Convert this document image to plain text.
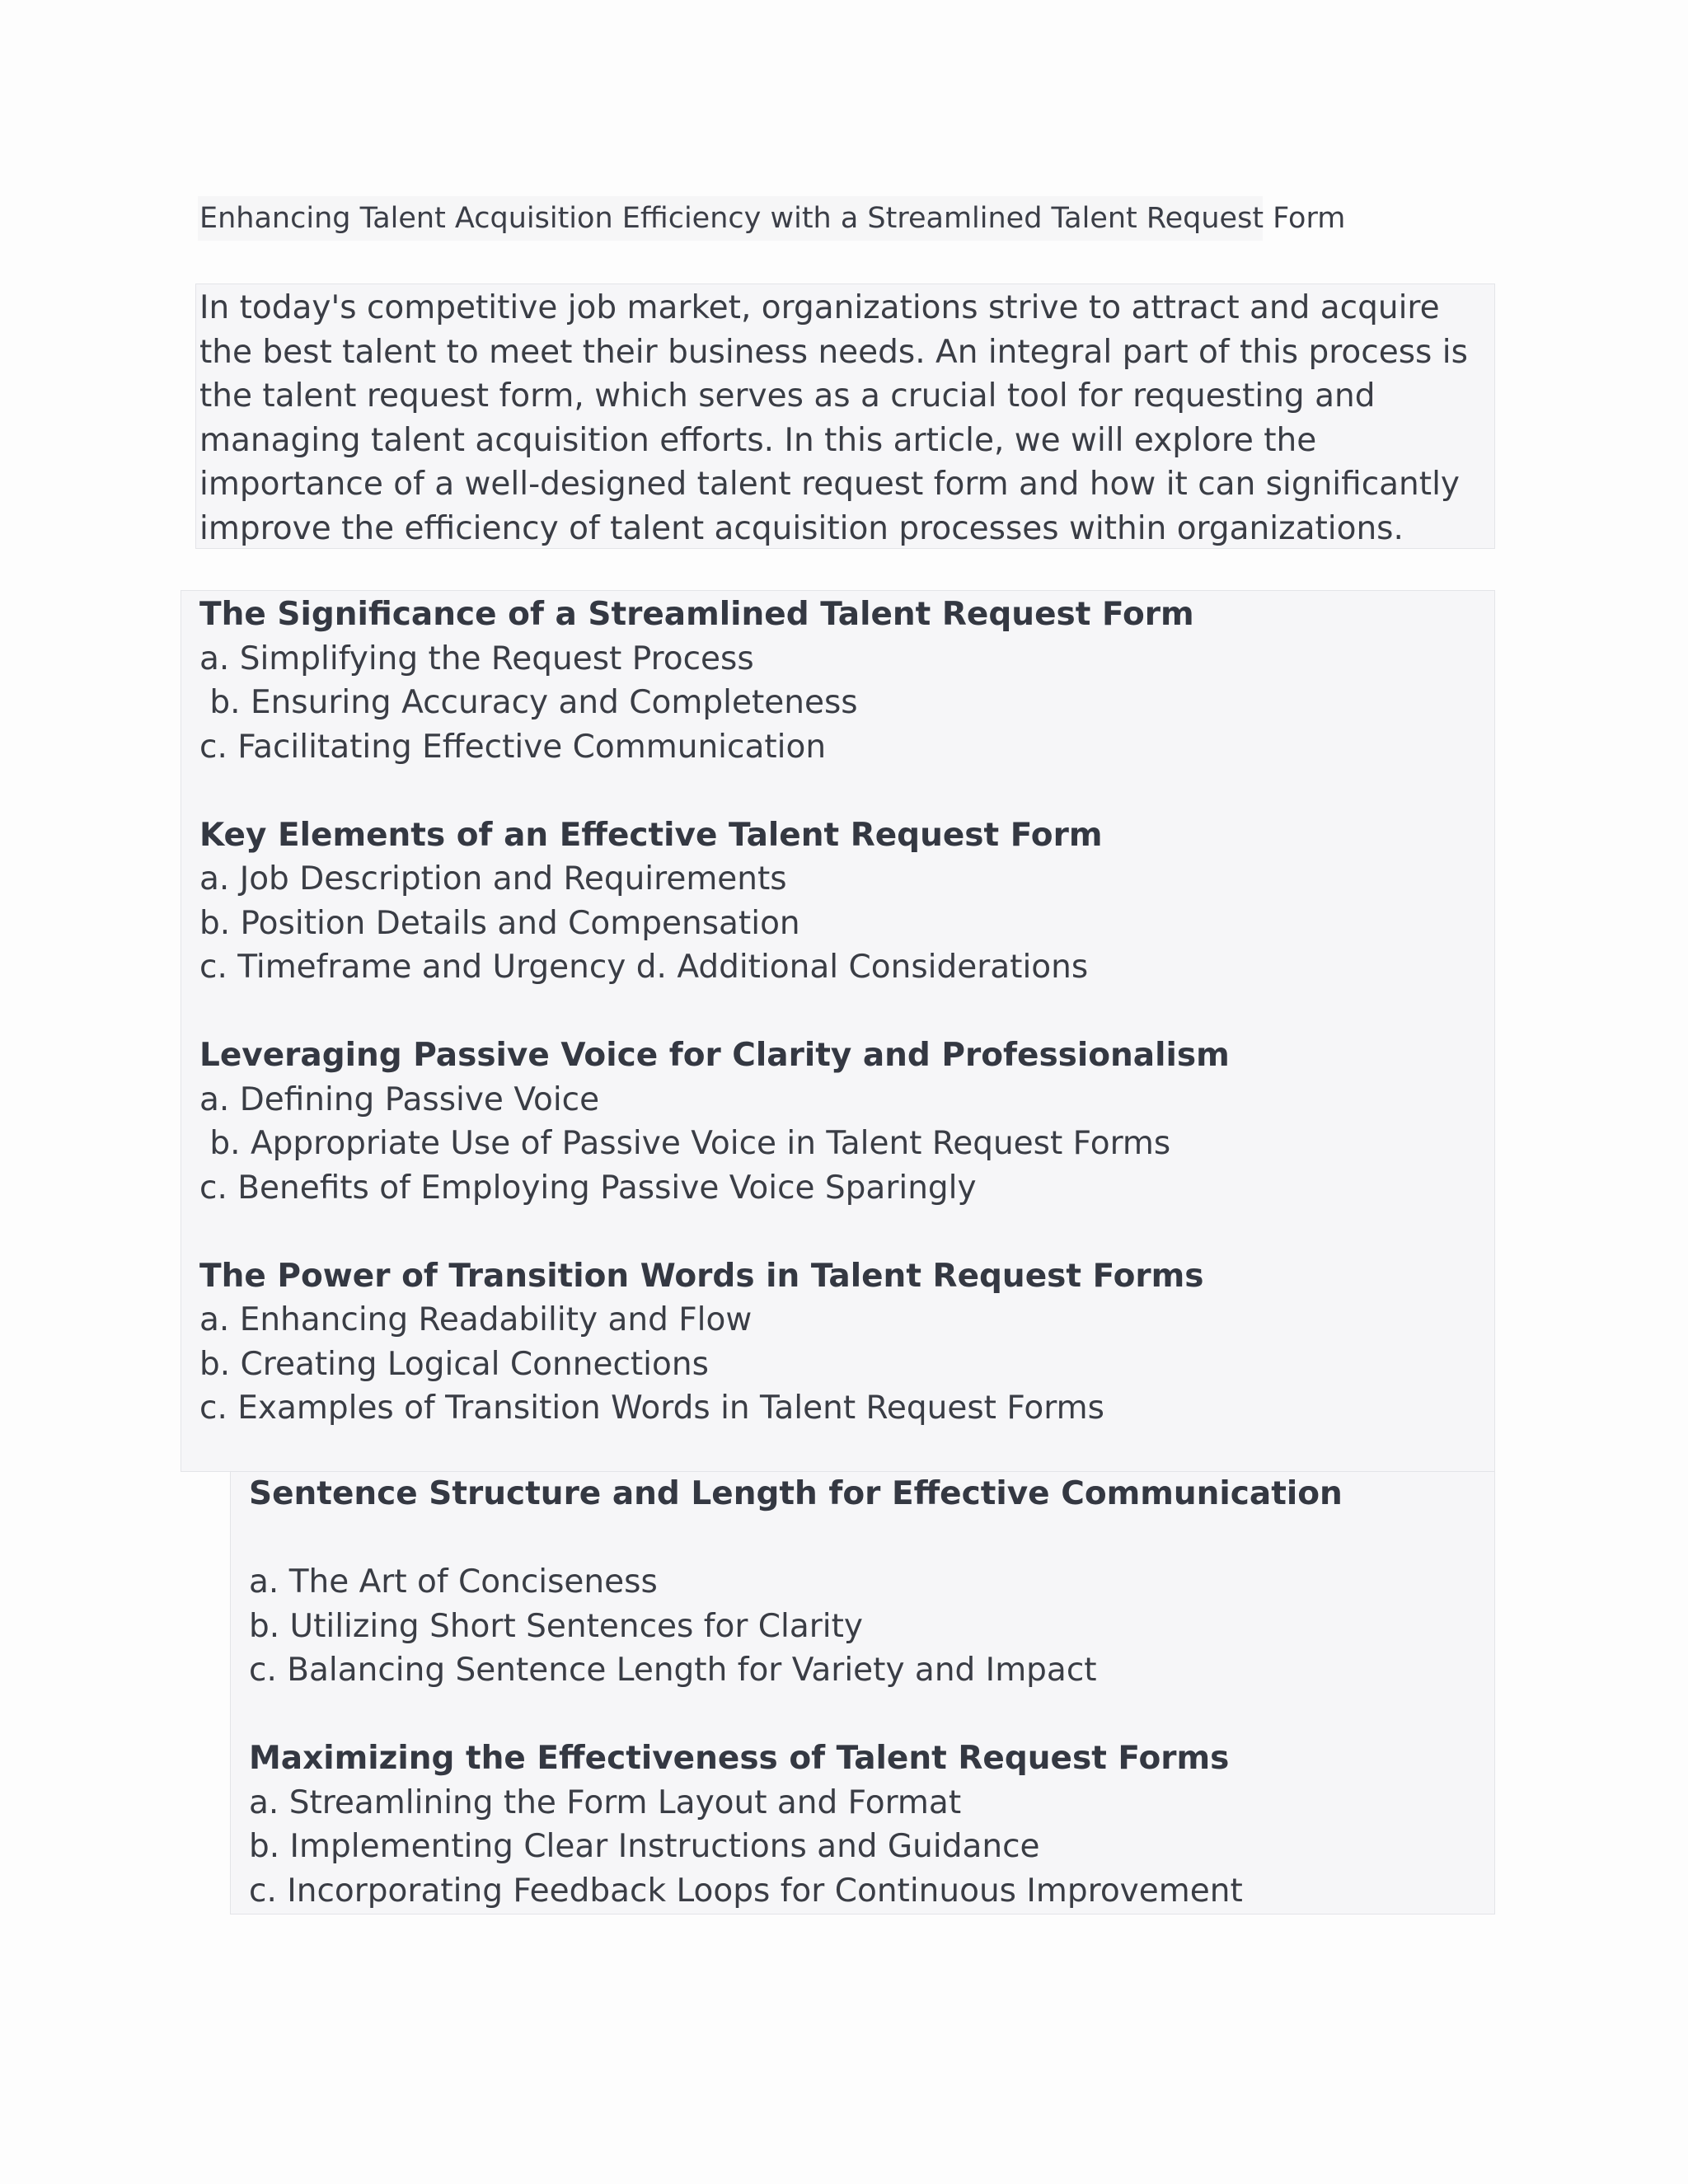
Enhancing Talent Acquisition Efficiency with a Streamlined Talent Request Form
In today's competitive job market, organizations strive to attract and acquire the best talent to meet their business needs. An integral part of this process is the talent request form, which serves as a crucial tool for requesting and managing talent acquisition efforts. In this article, we will explore the importance of a well-designed talent request form and how it can significantly improve the efficiency of talent acquisition processes within organizations.
The Significance of a Streamlined Talent Request Form
a. Simplifying the Request Process
b. Ensuring Accuracy and Completeness
c. Facilitating Effective Communication
Key Elements of an Effective Talent Request Form
a. Job Description and Requirements
b. Position Details and Compensation
c. Timeframe and Urgency d. Additional Considerations
Leveraging Passive Voice for Clarity and Professionalism
a. Defining Passive Voice
b. Appropriate Use of Passive Voice in Talent Request Forms
c. Benefits of Employing Passive Voice Sparingly
The Power of Transition Words in Talent Request Forms
a. Enhancing Readability and Flow
b. Creating Logical Connections
c. Examples of Transition Words in Talent Request Forms
Sentence Structure and Length for Effective Communication
a. The Art of Conciseness
b. Utilizing Short Sentences for Clarity
c. Balancing Sentence Length for Variety and Impact
Maximizing the Effectiveness of Talent Request Forms
a. Streamlining the Form Layout and Format
b. Implementing Clear Instructions and Guidance
c. Incorporating Feedback Loops for Continuous Improvement
